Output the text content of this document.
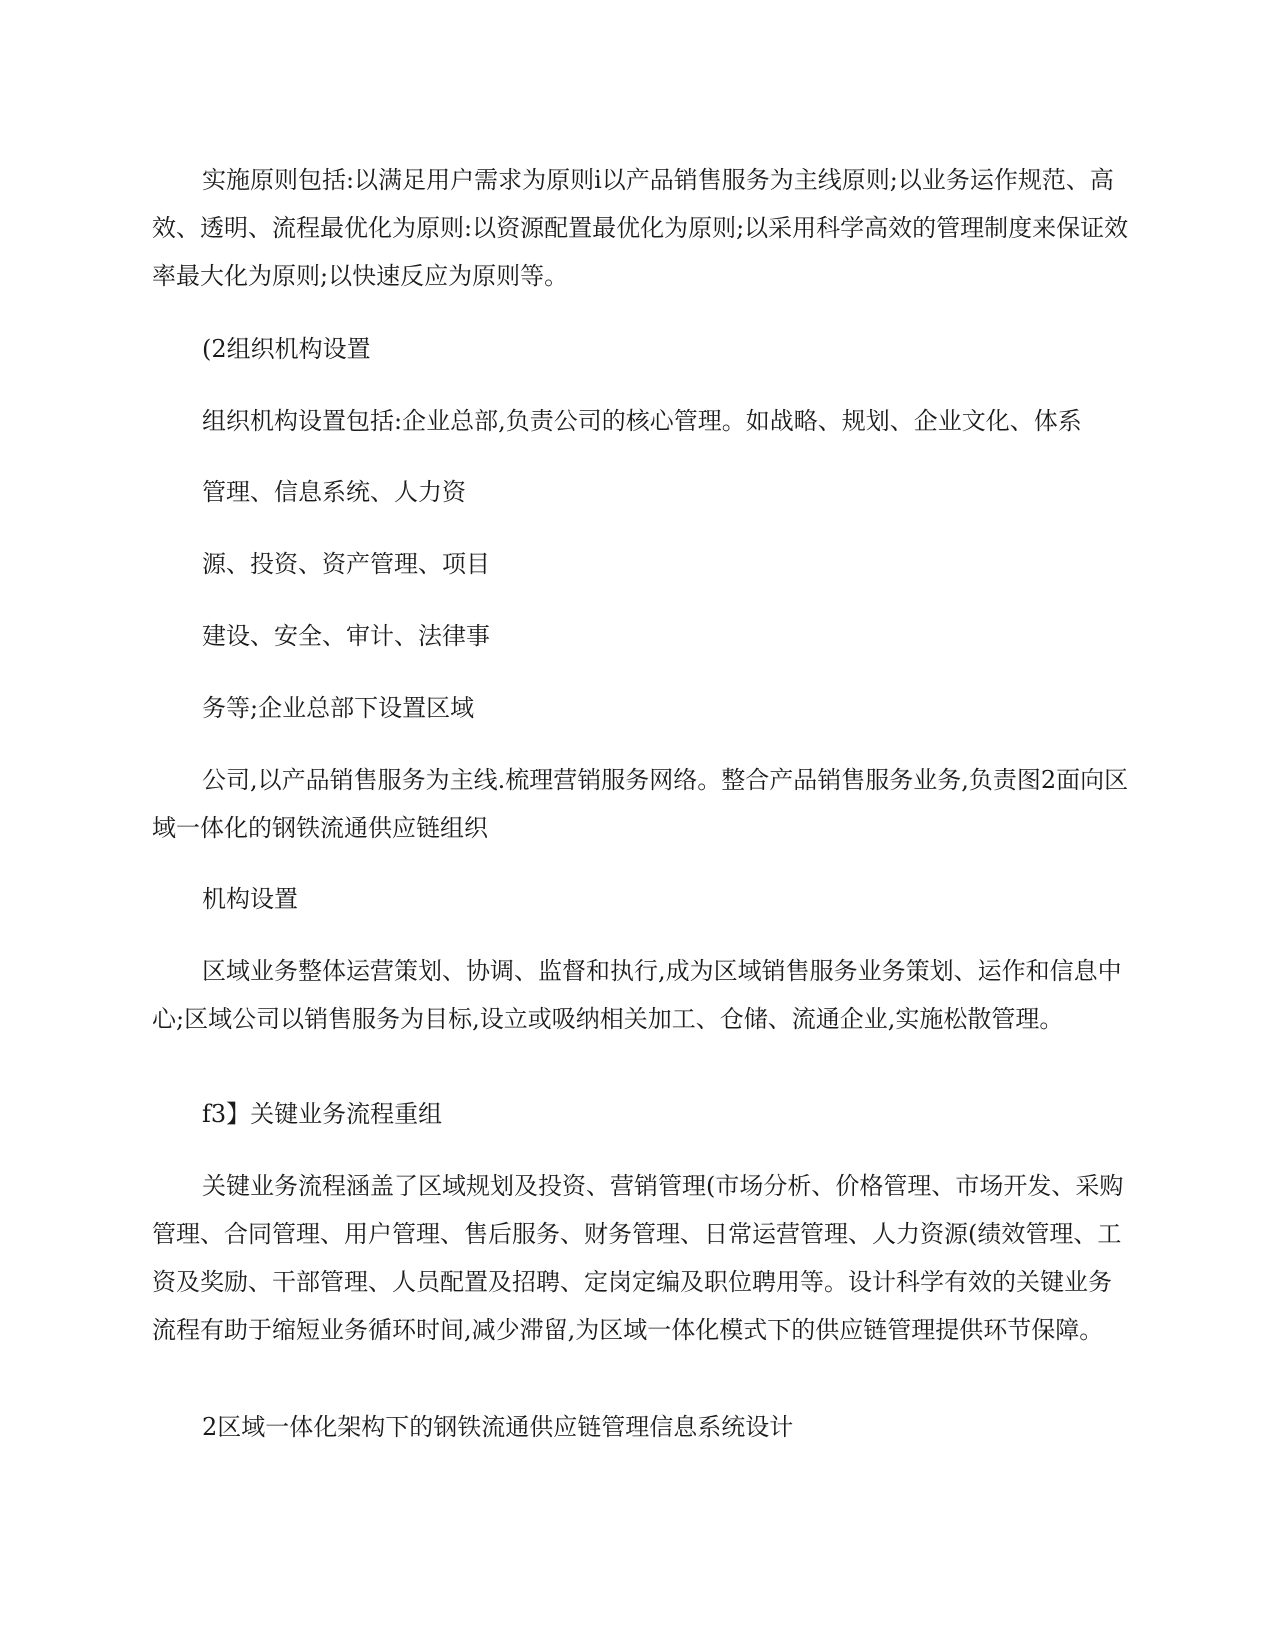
实施原则包括:以满足用户需求为原则i以产品销售服务为主线原则;以业务运作规范、高效、透明、流程最优化为原则:以资源配置最优化为原则;以采用科学高效的管理制度来保证效率最大化为原则;以快速反应为原则等。

(2组织机构设置

组织机构设置包括:企业总部,负责公司的核心管理。如战略、规划、企业文化、体系

管理、信息系统、人力资

源、投资、资产管理、项目

建设、安全、审计、法律事

务等;企业总部下设置区域

公司,以产品销售服务为主线.梳理营销服务网络。整合产品销售服务业务,负责图2面向区域一体化的钢铁流通供应链组织

机构设置

区域业务整体运营策划、协调、监督和执行,成为区域销售服务业务策划、运作和信息中心;区域公司以销售服务为目标,设立或吸纳相关加工、仓储、流通企业,实施松散管理。

f3】关键业务流程重组

关键业务流程涵盖了区域规划及投资、营销管理(市场分析、价格管理、市场开发、采购管理、合同管理、用户管理、售后服务、财务管理、日常运营管理、人力资源(绩效管理、工资及奖励、干部管理、人员配置及招聘、定岗定编及职位聘用等。设计科学有效的关键业务流程有助于缩短业务循环时间,减少滞留,为区域一体化模式下的供应链管理提供环节保障。

2区域一体化架构下的钢铁流通供应链管理信息系统设计
